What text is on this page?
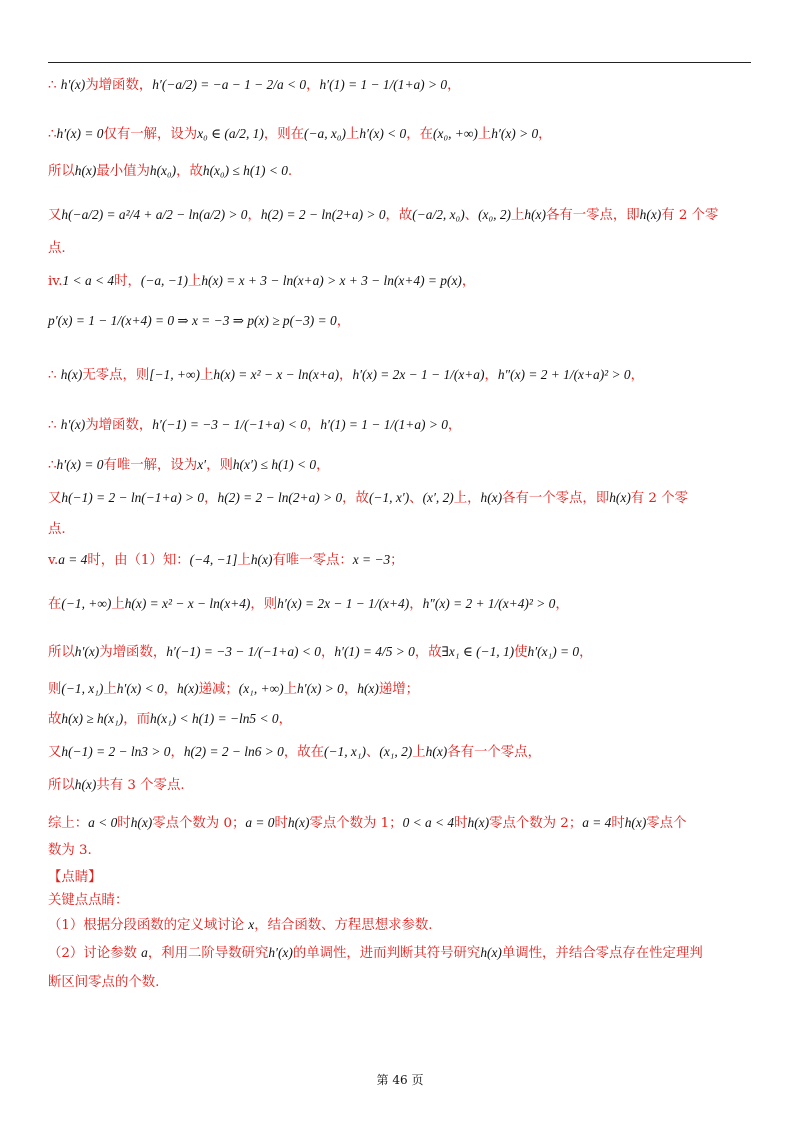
∴ h′(x)为增函数，h′(−a/2) = −a − 1 − 2/a < 0，h′(1) = 1 − 1/(1+a) > 0，
∴h′(x) = 0仅有一解，设为x₀ ∈ (a/2, 1)，则在(−a, x₀)上h′(x) < 0，在(x₀, +∞)上h′(x) > 0，
所以h(x)最小值为h(x₀)，故h(x₀) ≤ h(1) < 0.
又h(−a/2) = a²/4 + a/2 − ln(a/2) > 0，h(2) = 2 − ln(2+a) > 0，故(−a/2, x₀)、(x₀, 2)上h(x)各有一零点，即h(x)有 2 个零
点.
iv.1 < a < 4时，(−a, −1)上h(x) = x + 3 − ln(x+a) > x + 3 − ln(x+4) = p(x)，
p′(x) = 1 − 1/(x+4) = 0 ⇒ x = −3 ⇒ p(x) ≥ p(−3) = 0，
∴ h(x)无零点，则[−1, +∞)上h(x) = x² − x − ln(x+a)，h′(x) = 2x − 1 − 1/(x+a)，h″(x) = 2 + 1/(x+a)² > 0，
∴ h′(x)为增函数，h′(−1) = −3 − 1/(−1+a) < 0，h′(1) = 1 − 1/(1+a) > 0，
∴h′(x) = 0有唯一解，设为x′，则h(x′) ≤ h(1) < 0，
又h(−1) = 2 − ln(−1+a) > 0，h(2) = 2 − ln(2+a) > 0，故(−1, x′)、(x′, 2)上，h(x)各有一个零点，即h(x)有 2 个零
点.
v.a = 4时，由（1）知：(−4, −1]上h(x)有唯一零点：x = −3；
在(−1, +∞)上h(x) = x² − x − ln(x+4)，则h′(x) = 2x − 1 − 1/(x+4)，h″(x) = 2 + 1/(x+4)² > 0，
所以h′(x)为增函数，h′(−1) = −3 − 1/(−1+a) < 0，h′(1) = 4/5 > 0，故∃x₁ ∈ (−1, 1)使h′(x₁) = 0，
则(−1, x₁)上h′(x) < 0，h(x)递减；(x₁, +∞)上h′(x) > 0，h(x)递增；
故h(x) ≥ h(x₁)，而h(x₁) < h(1) = −ln5 < 0，
又h(−1) = 2 − ln3 > 0，h(2) = 2 − ln6 > 0，故在(−1, x₁)、(x₁, 2)上h(x)各有一个零点，
所以h(x)共有 3 个零点.
综上：a < 0时h(x)零点个数为 0；a = 0时h(x)零点个数为 1；0 < a < 4时h(x)零点个数为 2；a = 4时h(x)零点个
数为 3.
【点睛】
关键点点睛：
（1）根据分段函数的定义域讨论 x，结合函数、方程思想求参数.
（2）讨论参数 a，利用二阶导数研究h′(x)的单调性，进而判断其符号研究h(x)单调性，并结合零点存在性定理判
断区间零点的个数.
第 46 页
